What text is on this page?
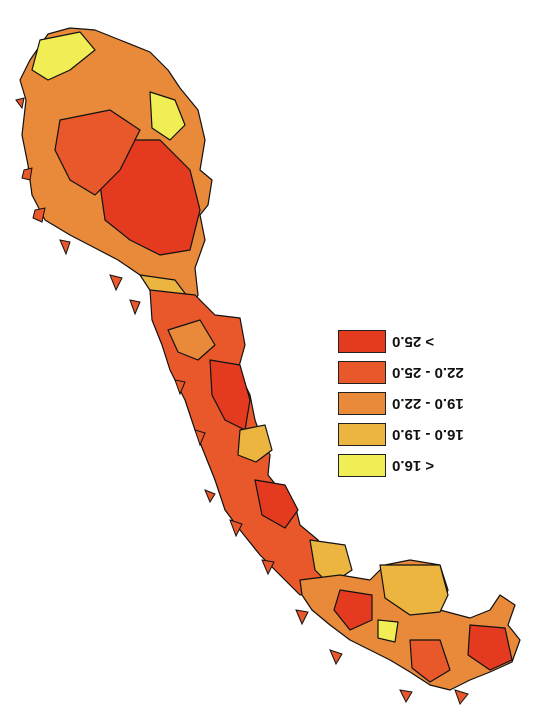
> 25.0
22.0 - 25.0
19.0 - 22.0
16.0 - 19.0
< 16.0
